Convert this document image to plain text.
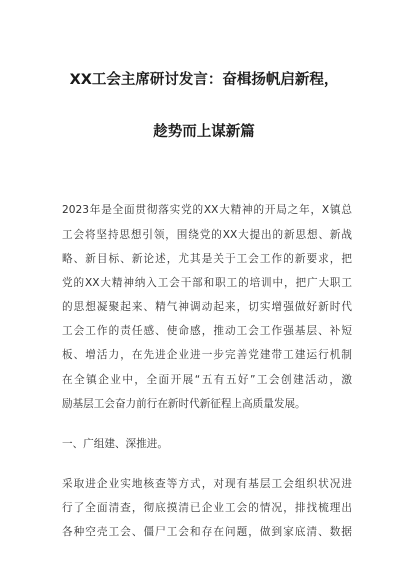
XX工会主席研讨发言：奋楫扬帆启新程，
趁势而上谋新篇
2023年是全面贯彻落实党的XX大精神的开局之年，X镇总
工会将坚持思想引领，围绕党的XX大提出的新思想、新战
略、新目标、新论述，尤其是关于工会工作的新要求，把
党的XX大精神纳入工会干部和职工的培训中，把广大职工
的思想凝聚起来、精气神调动起来，切实增强做好新时代
工会工作的责任感、使命感，推动工会工作强基层、补短
板、增活力，在先进企业进一步完善党建带工建运行机制
在全镇企业中，全面开展“五有五好”工会创建活动，激
励基层工会奋力前行在新时代新征程上高质量发展。
一、广组建、深推进。
采取进企业实地核查等方式，对现有基层工会组织状况进
行了全面清查，彻底摸清已企业工会的情况，排找梳理出
各种空壳工会、僵尸工会和存在问题，做到家底清、数据
